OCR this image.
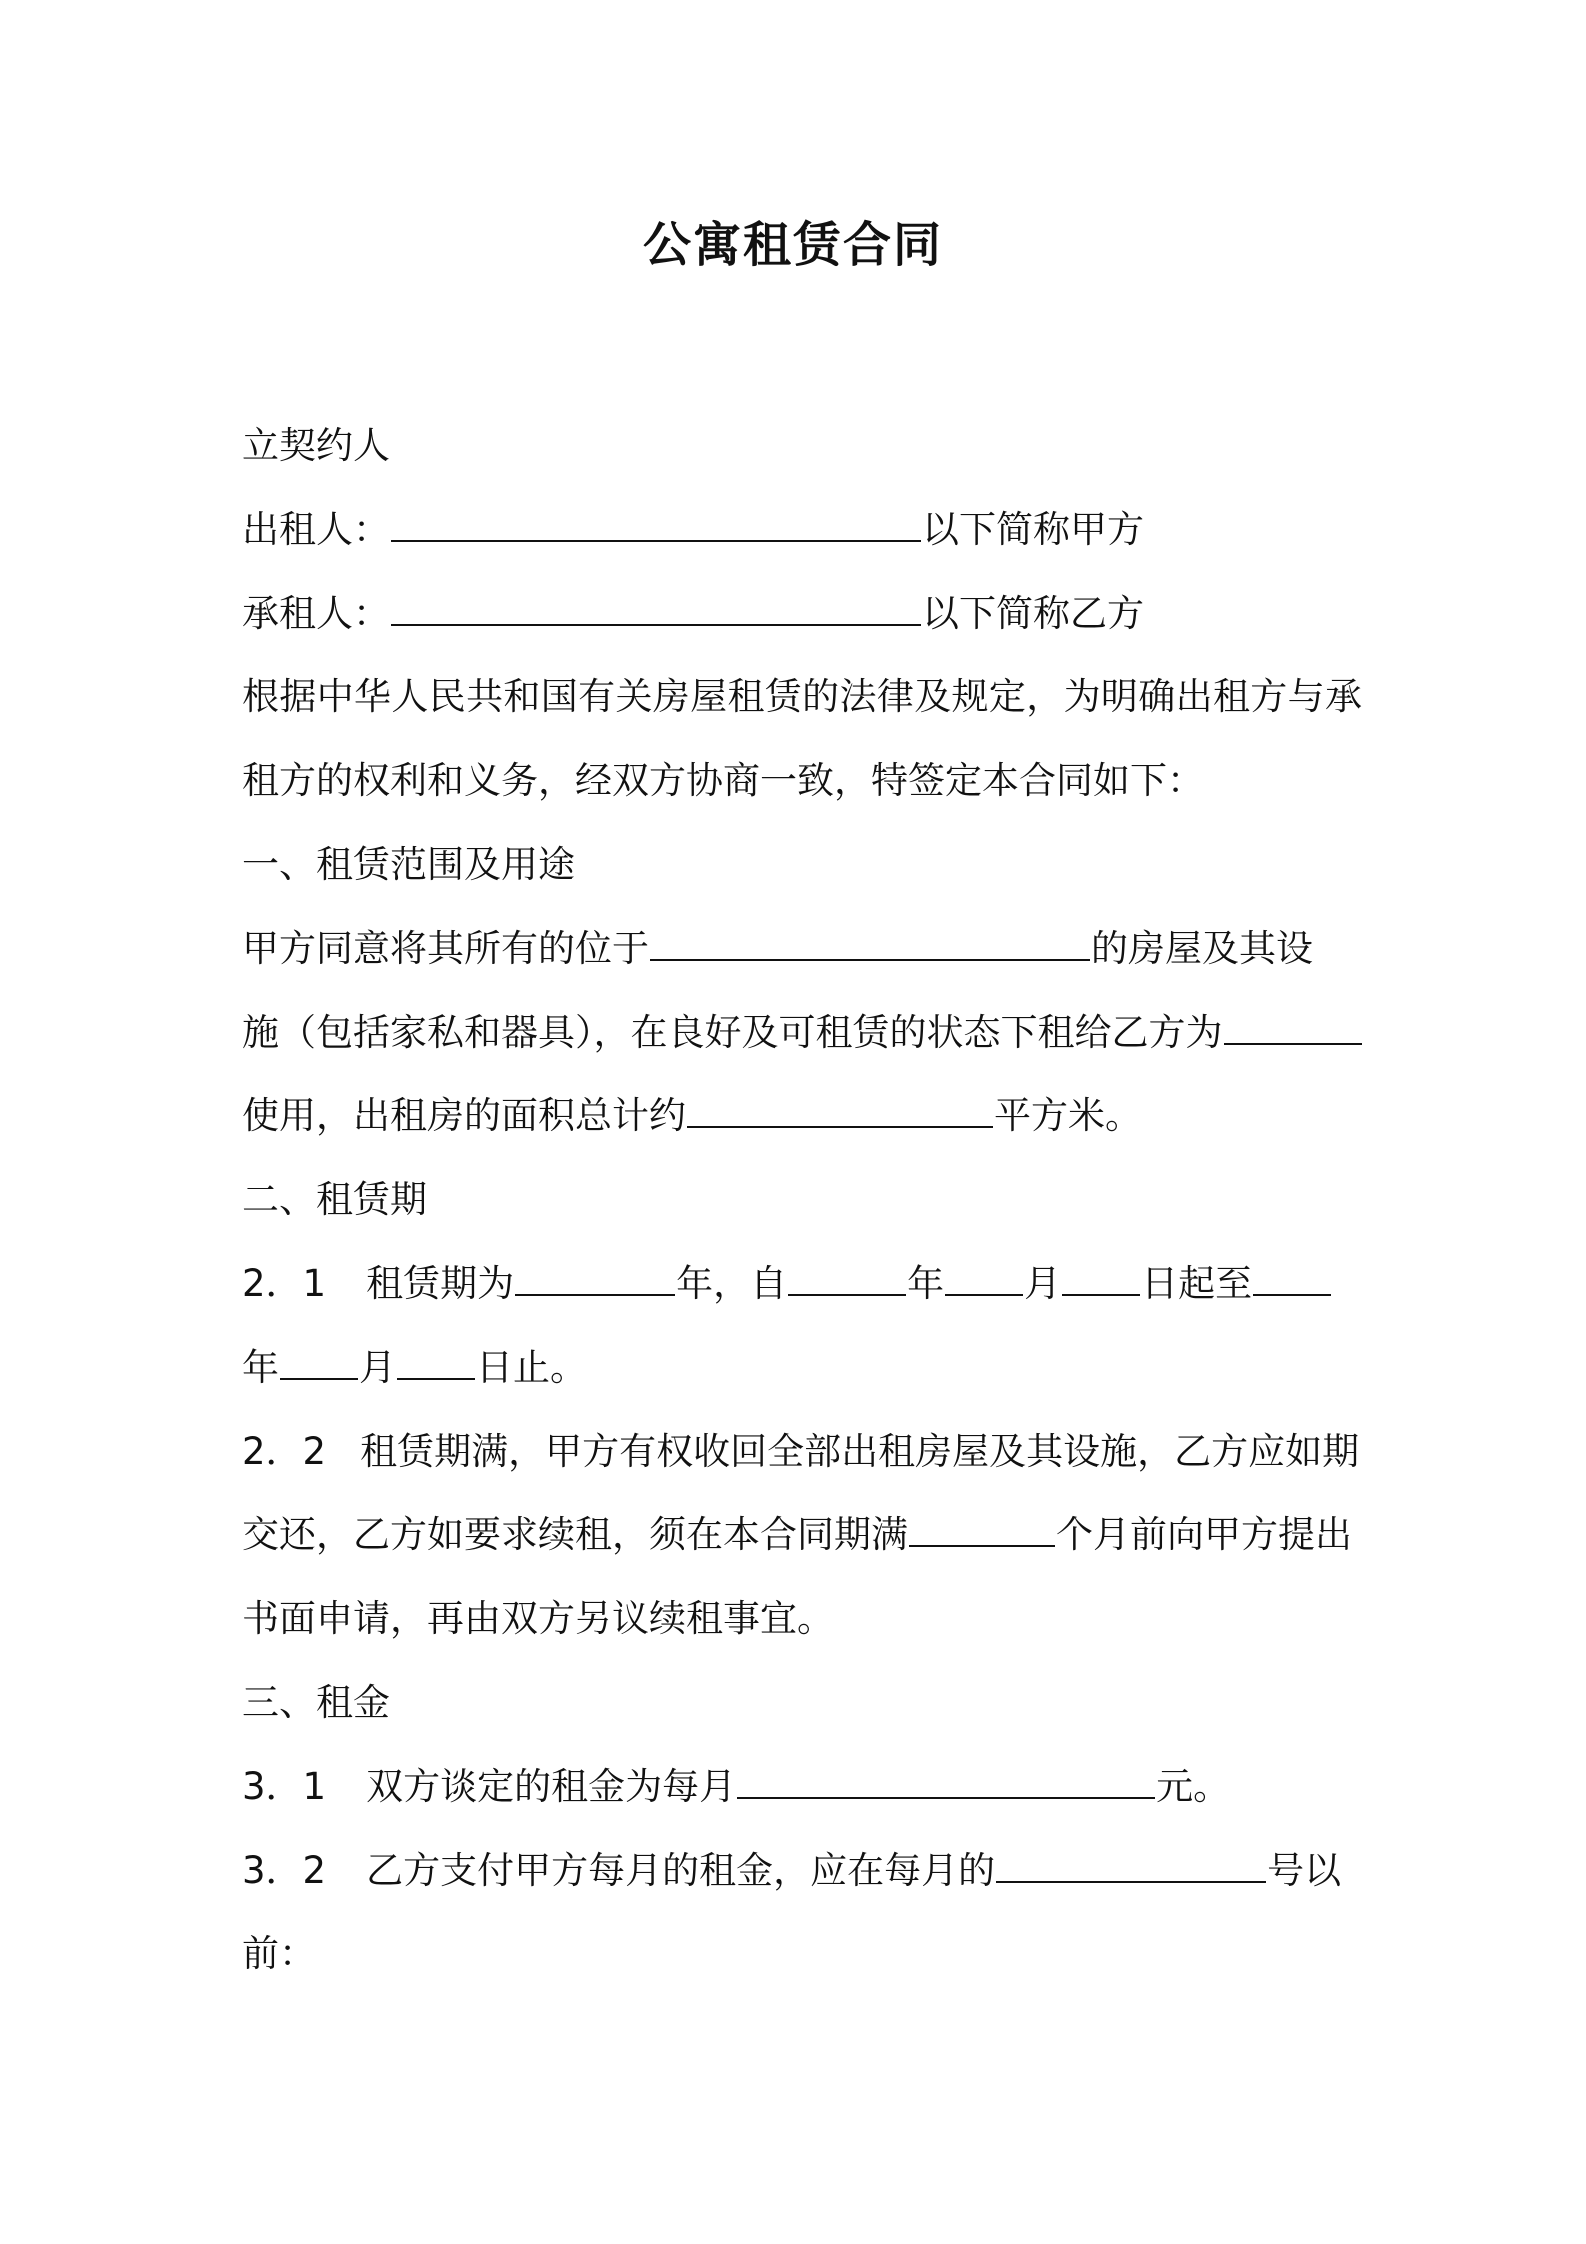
公寓租赁合同
立契约人
出租人：	以下简称甲方
承租人：	以下简称乙方
根据中华人民共和国有关房屋租赁的法律及规定，为明确出租方与承
租方的权利和义务，经双方协商一致，特签定本合同如下：
一、租赁范围及用途
甲方同意将其所有的位于	的房屋及其设
施（包括家私和器具），在良好及可租赁的状态下租给乙方为
使用，出租房的面积总计约	平方米。
二、租赁期
2．1 租赁期为	年，自	年 月 日起至
年 月 日止。
2．2 租赁期满，甲方有权收回全部出租房屋及其设施，乙方应如期
交还，乙方如要求续租，须在本合同期满	个月前向甲方提出
书面申请，再由双方另议续租事宜。
三、租金
3．1 双方谈定的租金为每月	元。
3．2 乙方支付甲方每月的租金，应在每月的	号以
前：
